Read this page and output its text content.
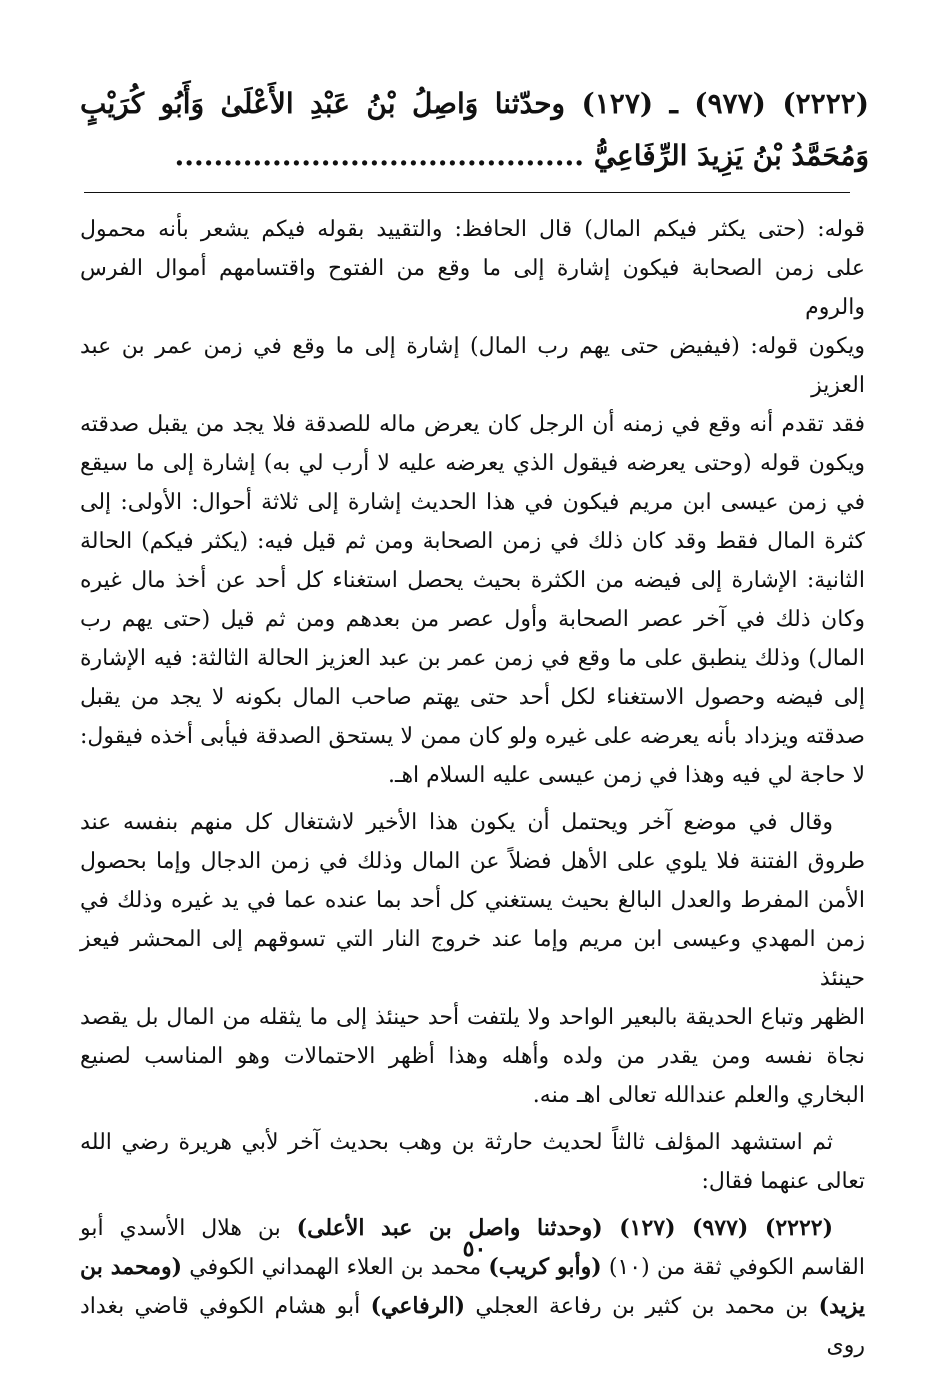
(٢٢٢٢) (٩٧٧) ـ (١٢٧) وحدّثنا وَاصِلُ بْنُ عَبْدِ الأَعْلَىٰ وَأَبُو كُرَيْبٍ
وَمُحَمَّدُ بْنُ يَزِيدَ الرِّفَاعِيُّ ..........................................

قوله: (حتى يكثر فيكم المال) قال الحافظ: والتقييد بقوله فيكم يشعر بأنه محمول
على زمن الصحابة فيكون إشارة إلى ما وقع من الفتوح واقتسامهم أموال الفرس والروم
ويكون قوله: (فيفيض حتى يهم رب المال) إشارة إلى ما وقع في زمن عمر بن عبد العزيز
فقد تقدم أنه وقع في زمنه أن الرجل كان يعرض ماله للصدقة فلا يجد من يقبل صدقته
ويكون قوله (وحتى يعرضه فيقول الذي يعرضه عليه لا أرب لي به) إشارة إلى ما سيقع
في زمن عيسى ابن مريم فيكون في هذا الحديث إشارة إلى ثلاثة أحوال: الأولى: إلى
كثرة المال فقط وقد كان ذلك في زمن الصحابة ومن ثم قيل فيه: (يكثر فيكم) الحالة
الثانية: الإشارة إلى فيضه من الكثرة بحيث يحصل استغناء كل أحد عن أخذ مال غيره
وكان ذلك في آخر عصر الصحابة وأول عصر من بعدهم ومن ثم قيل (حتى يهم رب
المال) وذلك ينطبق على ما وقع في زمن عمر بن عبد العزيز الحالة الثالثة: فيه الإشارة
إلى فيضه وحصول الاستغناء لكل أحد حتى يهتم صاحب المال بكونه لا يجد من يقبل
صدقته ويزداد بأنه يعرضه على غيره ولو كان ممن لا يستحق الصدقة فيأبى أخذه فيقول:
لا حاجة لي فيه وهذا في زمن عيسى عليه السلام اهـ.

وقال في موضع آخر ويحتمل أن يكون هذا الأخير لاشتغال كل منهم بنفسه عند
طروق الفتنة فلا يلوي على الأهل فضلاً عن المال وذلك في زمن الدجال وإما بحصول
الأمن المفرط والعدل البالغ بحيث يستغني كل أحد بما عنده عما في يد غيره وذلك في
زمن المهدي وعيسى ابن مريم وإما عند خروج النار التي تسوقهم إلى المحشر فيعز حينئذ
الظهر وتباع الحديقة بالبعير الواحد ولا يلتفت أحد حينئذ إلى ما يثقله من المال بل يقصد
نجاة نفسه ومن يقدر من ولده وأهله وهذا أظهر الاحتمالات وهو المناسب لصنيع
البخاري والعلم عندالله تعالى اهـ منه.

ثم استشهد المؤلف ثالثاً لحديث حارثة بن وهب بحديث آخر لأبي هريرة رضي الله
تعالى عنهما فقال:

(٢٢٢٢) (٩٧٧) (١٢٧) (وحدثنا واصل بن عبد الأعلى) بن هلال الأسدي أبو
القاسم الكوفي ثقة من (١٠) (وأبو كريب) محمد بن العلاء الهمداني الكوفي (ومحمد بن
يزيد) بن محمد بن كثير بن رفاعة العجلي (الرفاعي) أبو هشام الكوفي قاضي بغداد روى

٥٠
